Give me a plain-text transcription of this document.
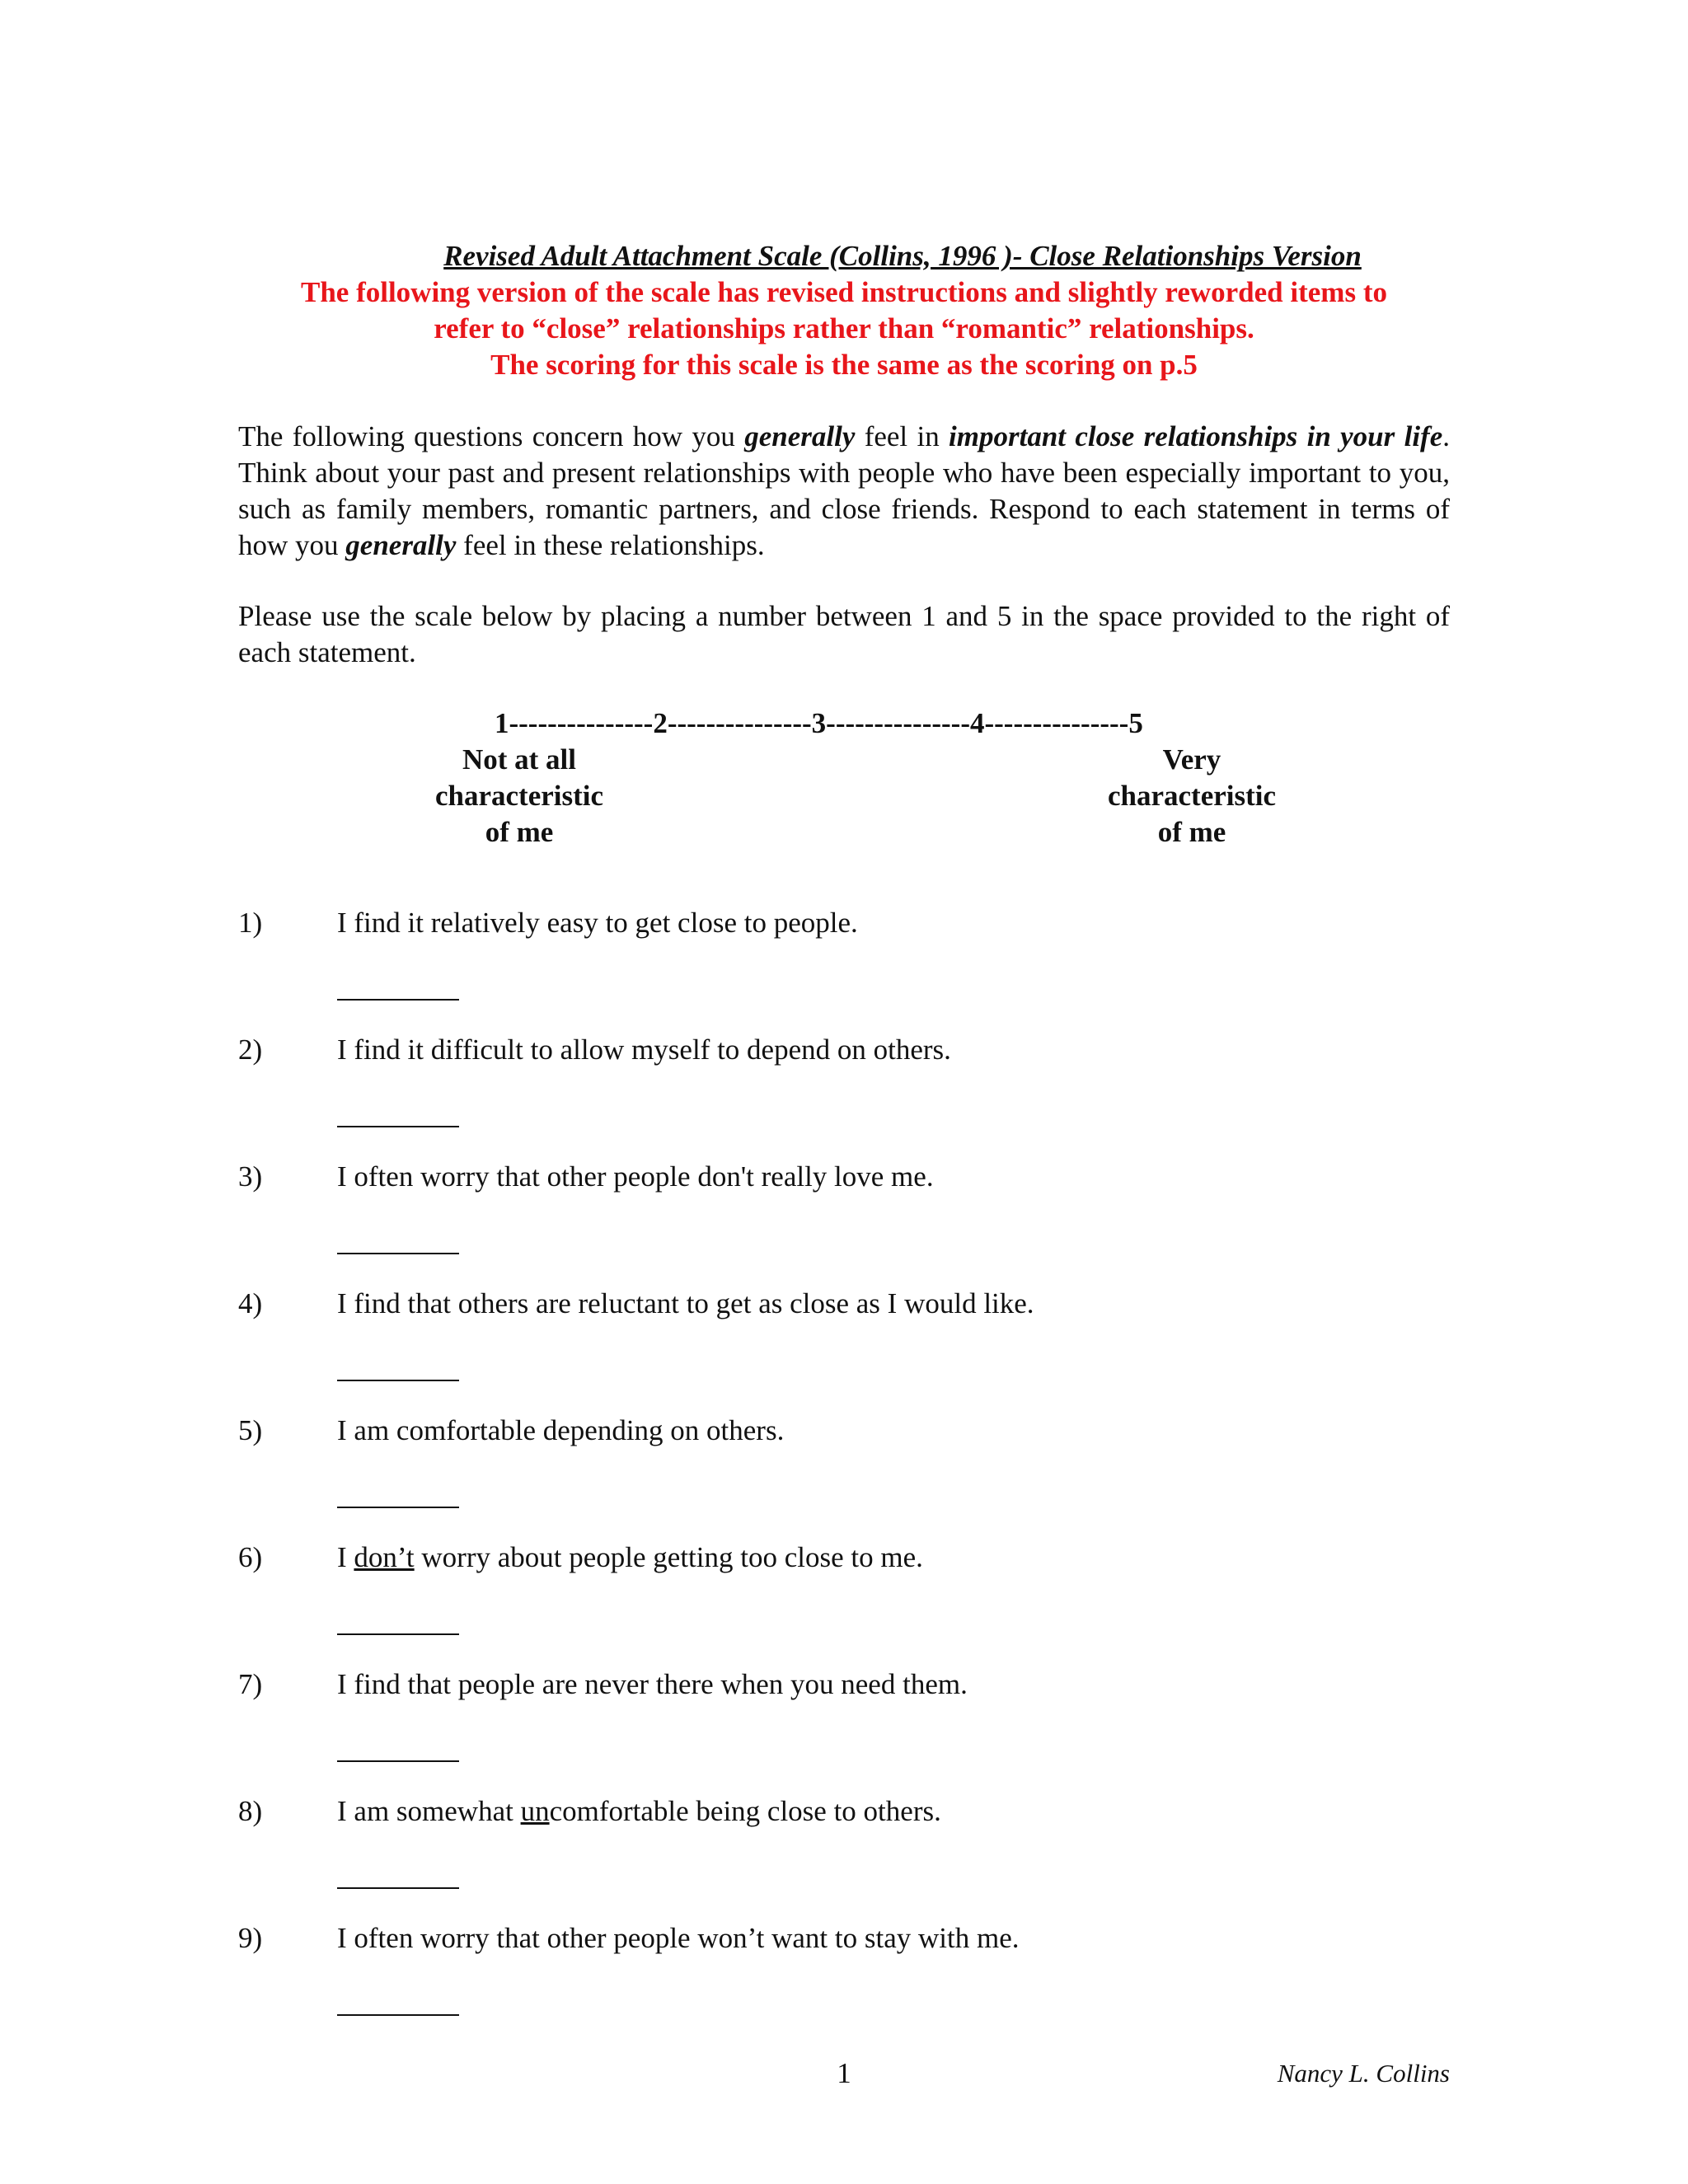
Revised Adult Attachment Scale (Collins, 1996 )- Close Relationships Version
The following version of the scale has revised instructions and slightly reworded items to
refer to “close” relationships rather than “romantic” relationships.
The scoring for this scale is the same as the scoring on p.5
The following questions concern how you generally feel in important close relationships in your life. Think about your past and present relationships with people who have been especially important to you, such as family members, romantic partners, and close friends. Respond to each statement in terms of how you generally feel in these relationships.
Please use the scale below by placing a number between 1 and 5 in the space provided to the right of each statement.
1---------------2---------------3---------------4---------------5
Not at all
characteristic
of me
Very
characteristic
of me
1)	I find it relatively easy to get close to people.
2)	I find it difficult to allow myself to depend on others.
3)	I often worry that other people don't really love me.
4)	I find that others are reluctant to get as close as I would like.
5)	I am comfortable depending on others.
6)	I don’t worry about people getting too close to me.
7)	I find that people are never there when you need them.
8)	I am somewhat uncomfortable being close to others.
9)	I often worry that other people won’t want to stay with me.
1	Nancy L. Collins
